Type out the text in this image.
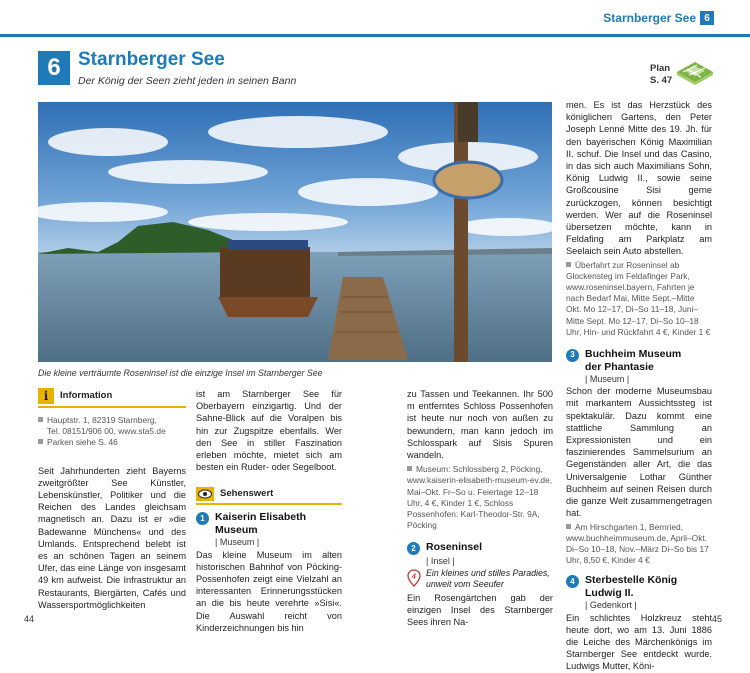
Starnberger See 6
6 Starnberger See
Der König der Seen zieht jeden in seinen Bann
Plan
S. 47
Die kleine verträumte Roseninsel ist die einzige Insel im Starnberger See
i	Information
Hauptstr. 1, 82319 Starnberg,
Tel. 08151/906 00, www.sta5.de
Parken siehe S. 46

Seit Jahrhunderten zieht Bayerns zweitgrößter See Künstler, Lebenskünstler, Politiker und die Reichen des Landes gleichsam magnetisch an. Dazu ist er »die Badewanne Münchens« und des Umlands. Entsprechend belebt ist es an schönen Tagen an seinem Ufer, das eine Länge von insgesamt 49 km aufweist. Die Infrastruktur an Restaurants, Biergärten, Cafés und Wassersportmöglichkeiten

ist am Starnberger See für Oberbayern einzigartig. Und der Sahne-Blick auf die Voralpen bis hin zur Zugspitze ebenfalls. Wer den See in stiller Faszination erleben möchte, mietet sich am besten ein Ruder- oder Segelboot.

Sehenswert
1 Kaiserin Elisabeth Museum
| Museum |

Das kleine Museum im alten historischen Bahnhof von Pöcking-Possenhofen zeigt eine Vielzahl an interessanten Erinnerungsstücken an die bis heute verehrte »Sisi«. Die Auswahl reicht von Kinderzeichnungen bis hin

zu Tassen und Teekannen. Ihr 500 m entferntes Schloss Possenhofen ist heute nur noch von außen zu bewundern, man kann jedoch im Schlosspark auf Sisis Spuren wandeln.

Museum: Schlossberg 2, Pöcking, www.kaiserin-elisabeth-museum-ev.de, Mai–Okt. Fr–So u. Feiertage 12–18 Uhr, 4 €, Kinder 1 €, Schloss Possenhofen: Karl-Theodor-Str. 9A, Pöcking
2 Roseninsel
| Insel |
4 Ein kleines und stilles Paradies,
unweit vom Seeufer

Ein Rosengärtchen gab der einzigen Insel des Starnberger Sees ihren Na-

men. Es ist das Herzstück des königlichen Gartens, den Peter Joseph Lenné Mitte des 19. Jh. für den bayerischen König Maximilian II. schuf. Die Insel und das Casino, in das sich auch Maximilians Sohn, König Ludwig II., sowie seine Großcousine Sisi gerne zurückzogen, können besichtigt werden. Wer auf die Roseninsel übersetzen möchte, kann in Feldafing am Parkplatz am Seelaich sein Auto abstellen.

Überfahrt zur Roseninsel ab Glockensteg im Feldafinger Park, www.roseninsel.bayern, Fahrten je nach Bedarf Mai, Mitte Sept.–Mitte Okt. Mo 12–17, Di–So 11–18, Juni–Mitte Sept. Mo 12–17, Di–So 10–18 Uhr, Hin- und Rückfahrt 4 €, Kinder 1 €
3 Buchheim Museum
der Phantasie
| Museum |

Schon der moderne Museumsbau mit markantem Aussichtssteg ist spektakulär. Dazu kommt eine stattliche Sammlung an Expressionisten und ein faszinierendes Sammelsurium an Gegenständen aller Art, die das Universalgenie Lothar Günther Buchheim auf seinen Reisen durch die ganze Welt zusammengetragen hat.

Am Hirschgarten 1, Bernried, www.buchheimmuseum.de, April–Okt. Di–So 10–18, Nov.–März Di–So bis 17 Uhr, 8,50 €, Kinder 4 €
4 Sterbestelle König Ludwig II.
| Gedenkort |

Ein schlichtes Holzkreuz steht heute dort, wo am 13. Juni 1886 die Leiche des Märchenkönigs im Starnberger See entdeckt wurde. Ludwigs Mutter, Köni-

44	45
